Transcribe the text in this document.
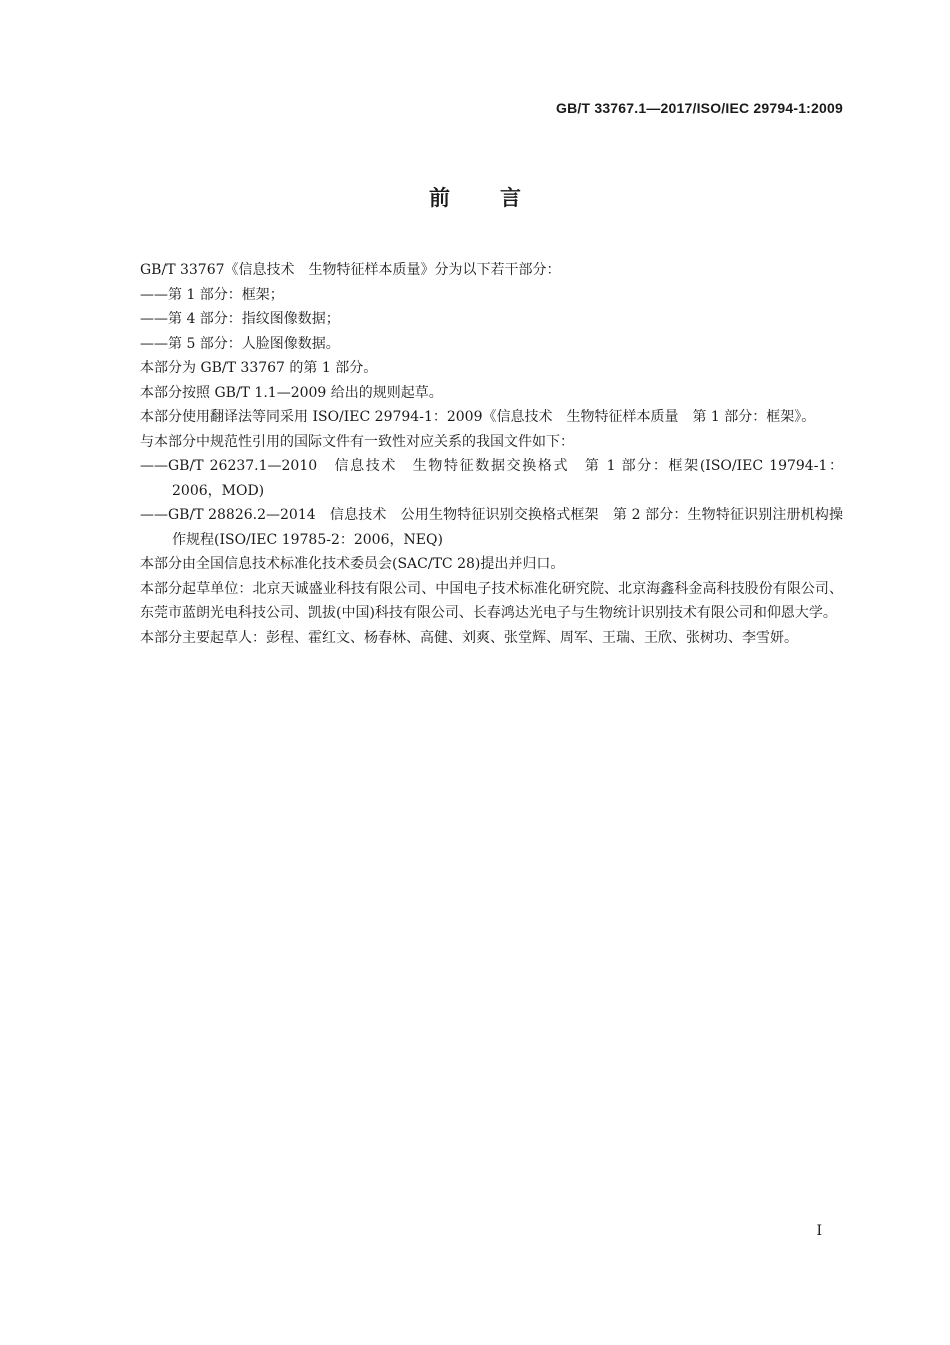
GB/T 33767.1—2017/ISO/IEC 29794-1:2009
前言
GB/T 33767《信息技术　生物特征样本质量》分为以下若干部分：
——第 1 部分：框架；
——第 4 部分：指纹图像数据；
——第 5 部分：人脸图像数据。
本部分为 GB/T 33767 的第 1 部分。
本部分按照 GB/T 1.1—2009 给出的规则起草。
本部分使用翻译法等同采用 ISO/IEC 29794-1：2009《信息技术　生物特征样本质量　第 1 部分：框架》。
与本部分中规范性引用的国际文件有一致性对应关系的我国文件如下：
——GB/T 26237.1—2010　信息技术　生物特征数据交换格式　第 1 部分：框架(ISO/IEC 19794-1：2006，MOD)
——GB/T 28826.2—2014　信息技术　公用生物特征识别交换格式框架　第 2 部分：生物特征识别注册机构操作规程(ISO/IEC 19785-2：2006，NEQ)
本部分由全国信息技术标准化技术委员会(SAC/TC 28)提出并归口。
本部分起草单位：北京天诚盛业科技有限公司、中国电子技术标准化研究院、北京海鑫科金高科技股份有限公司、东莞市蓝朗光电科技公司、凯拔(中国)科技有限公司、长春鸿达光电子与生物统计识别技术有限公司和仰恩大学。
本部分主要起草人：彭程、霍红文、杨春林、高健、刘爽、张堂辉、周军、王瑞、王欣、张树功、李雪妍。
I
